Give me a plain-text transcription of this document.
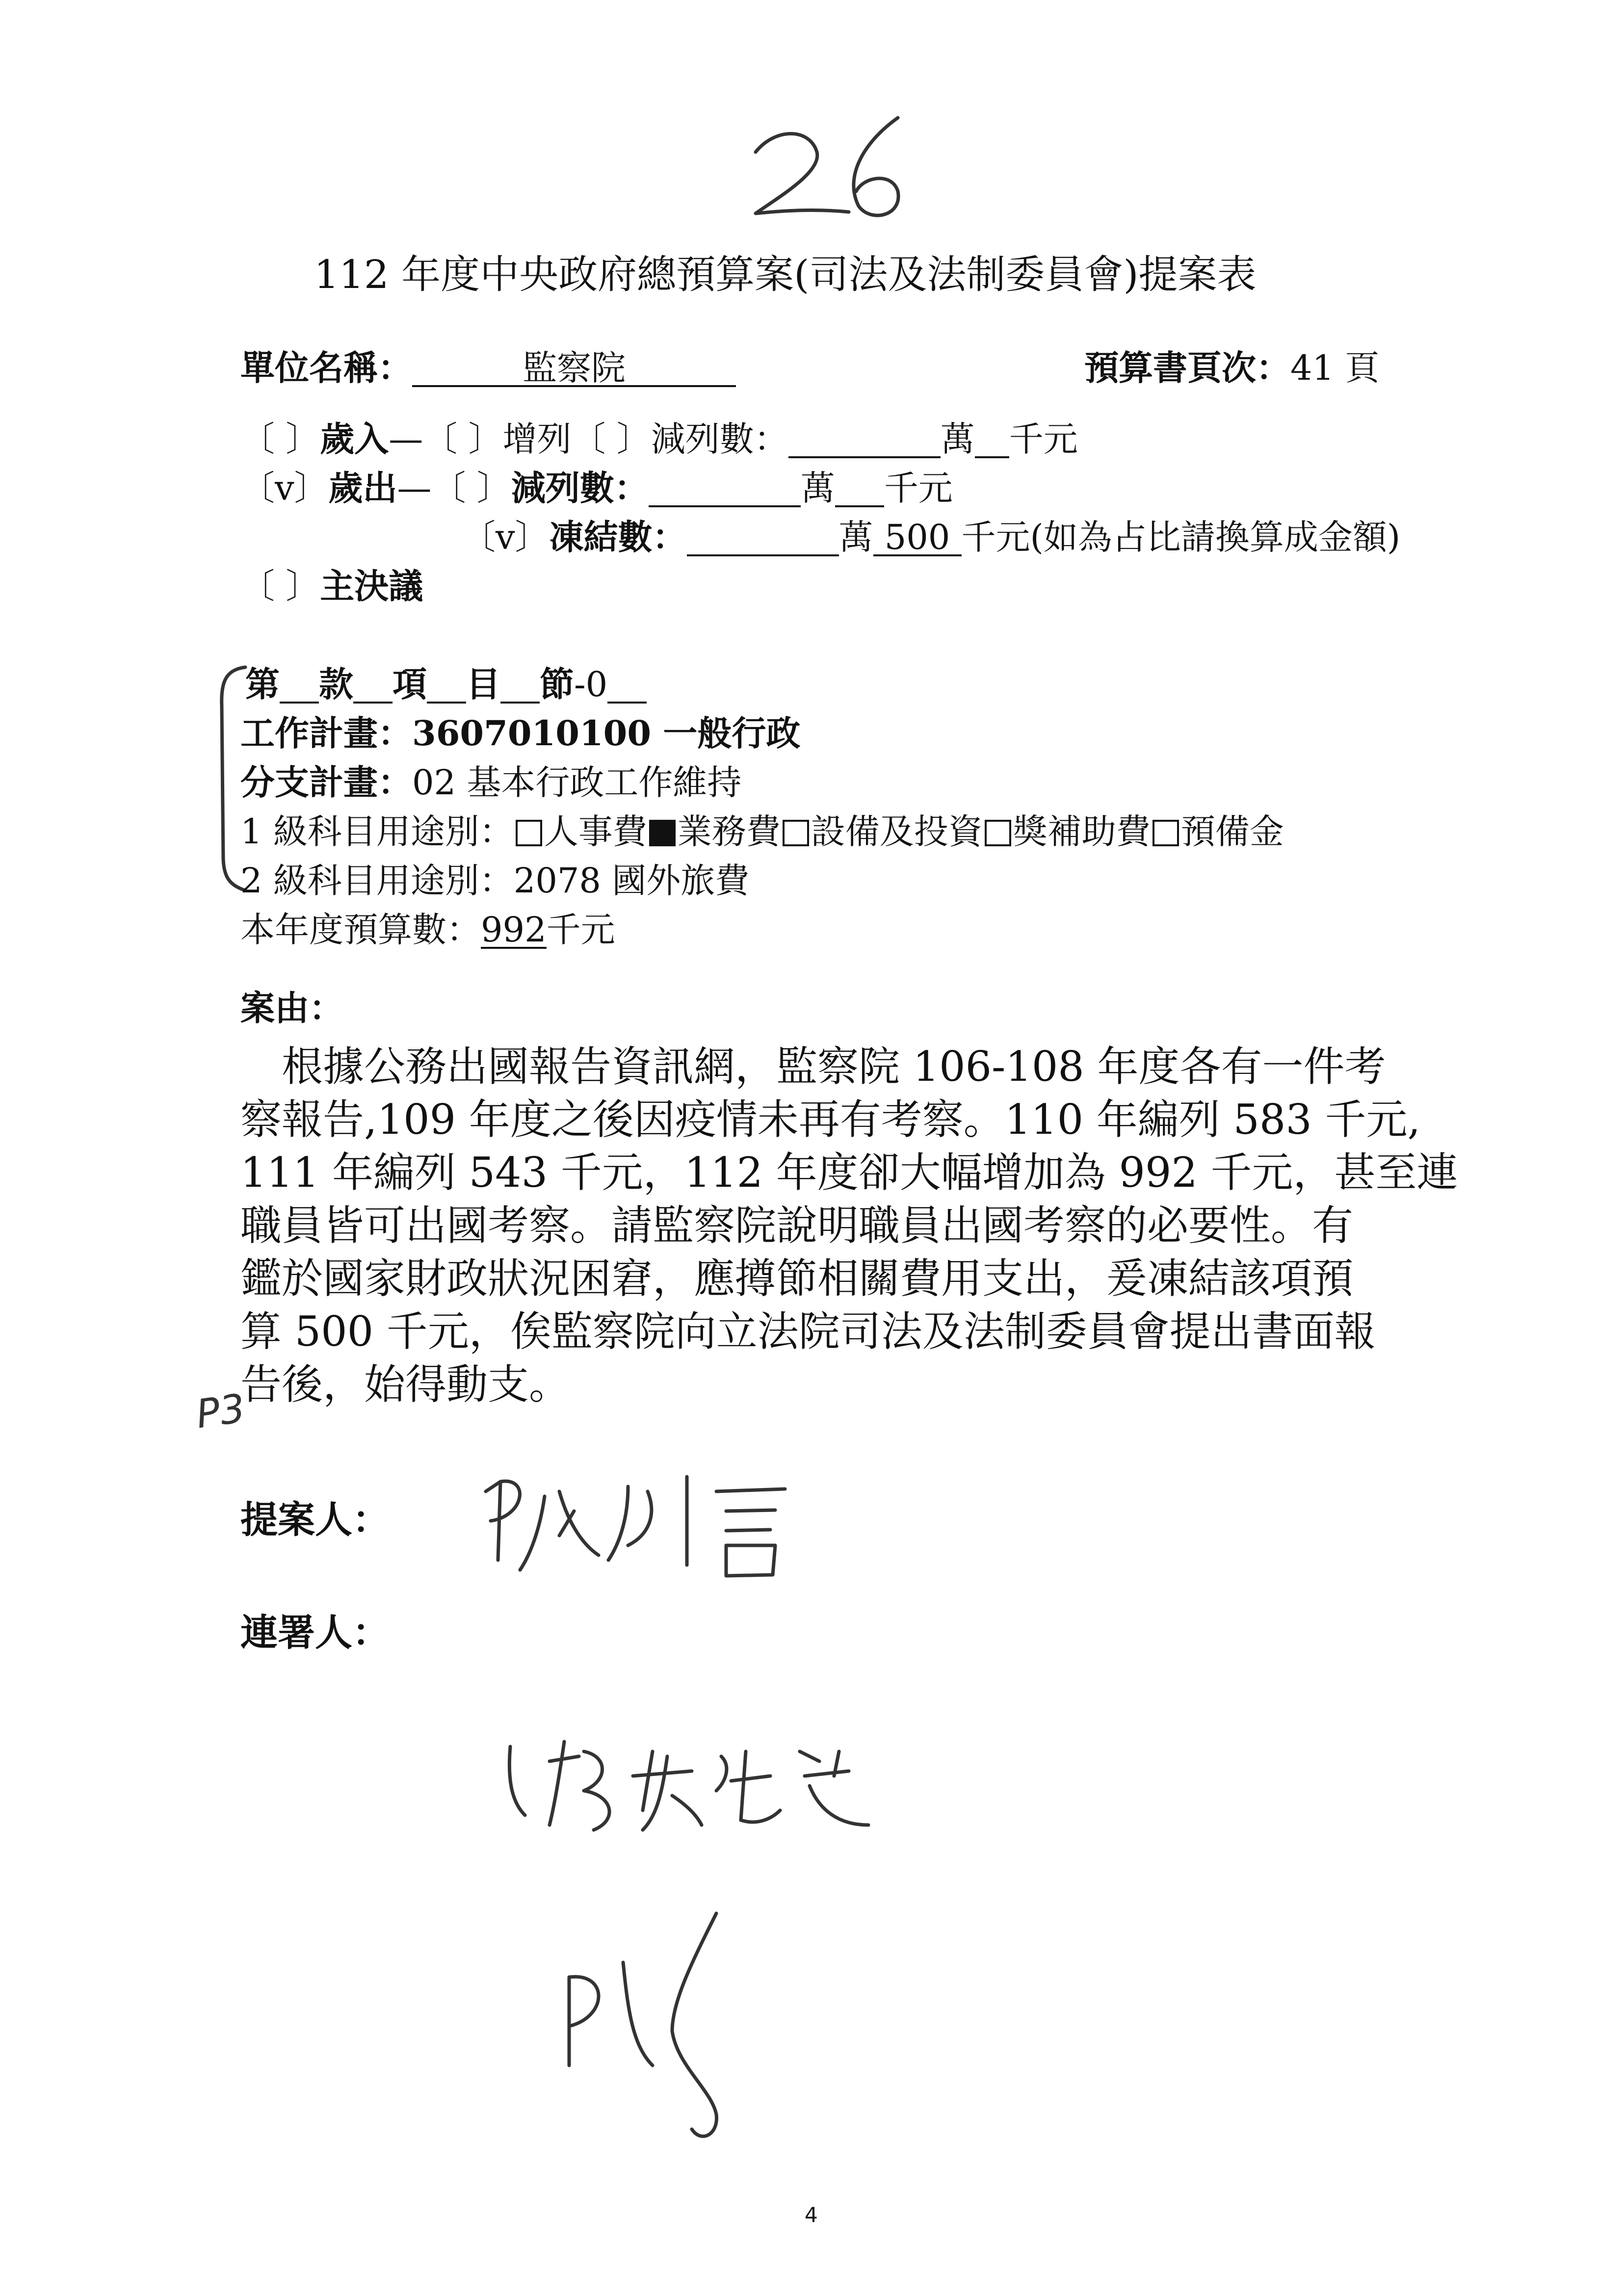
112 年度中央政府總預算案(司法及法制委員會)提案表
單位名稱：	監察院	預算書頁次：41 頁
〔 〕歲入—〔 〕增列〔 〕減列數：	萬 千元
〔v〕歲出—〔 〕減列數：	萬 千元
〔v〕凍結數：	萬 500 千元(如為占比請換算成金額)
〔 〕主決議
第 款 項 目 節-0
工作計畫：3607010100 一般行政
分支計畫：02 基本行政工作維持
1 級科目用途別： 人事費 業務費 設備及投資 獎補助費 預備金
2 級科目用途別：2078 國外旅費
本年度預算數：992千元
案由：

　根據公務出國報告資訊網，監察院 106-108 年度各有一件考

察報告,109 年度之後因疫情未再有考察。110 年編列 583 千元,

111 年編列 543 千元，112 年度卻大幅增加為 992 千元，甚至連

職員皆可出國考察。請監察院說明職員出國考察的必要性。有

鑑於國家財政狀況困窘，應撙節相關費用支出，爰凍結該項預

算 500 千元，俟監察院向立法院司法及法制委員會提出書面報

告後，始得動支。

P3
提案人：
連署人：
4
